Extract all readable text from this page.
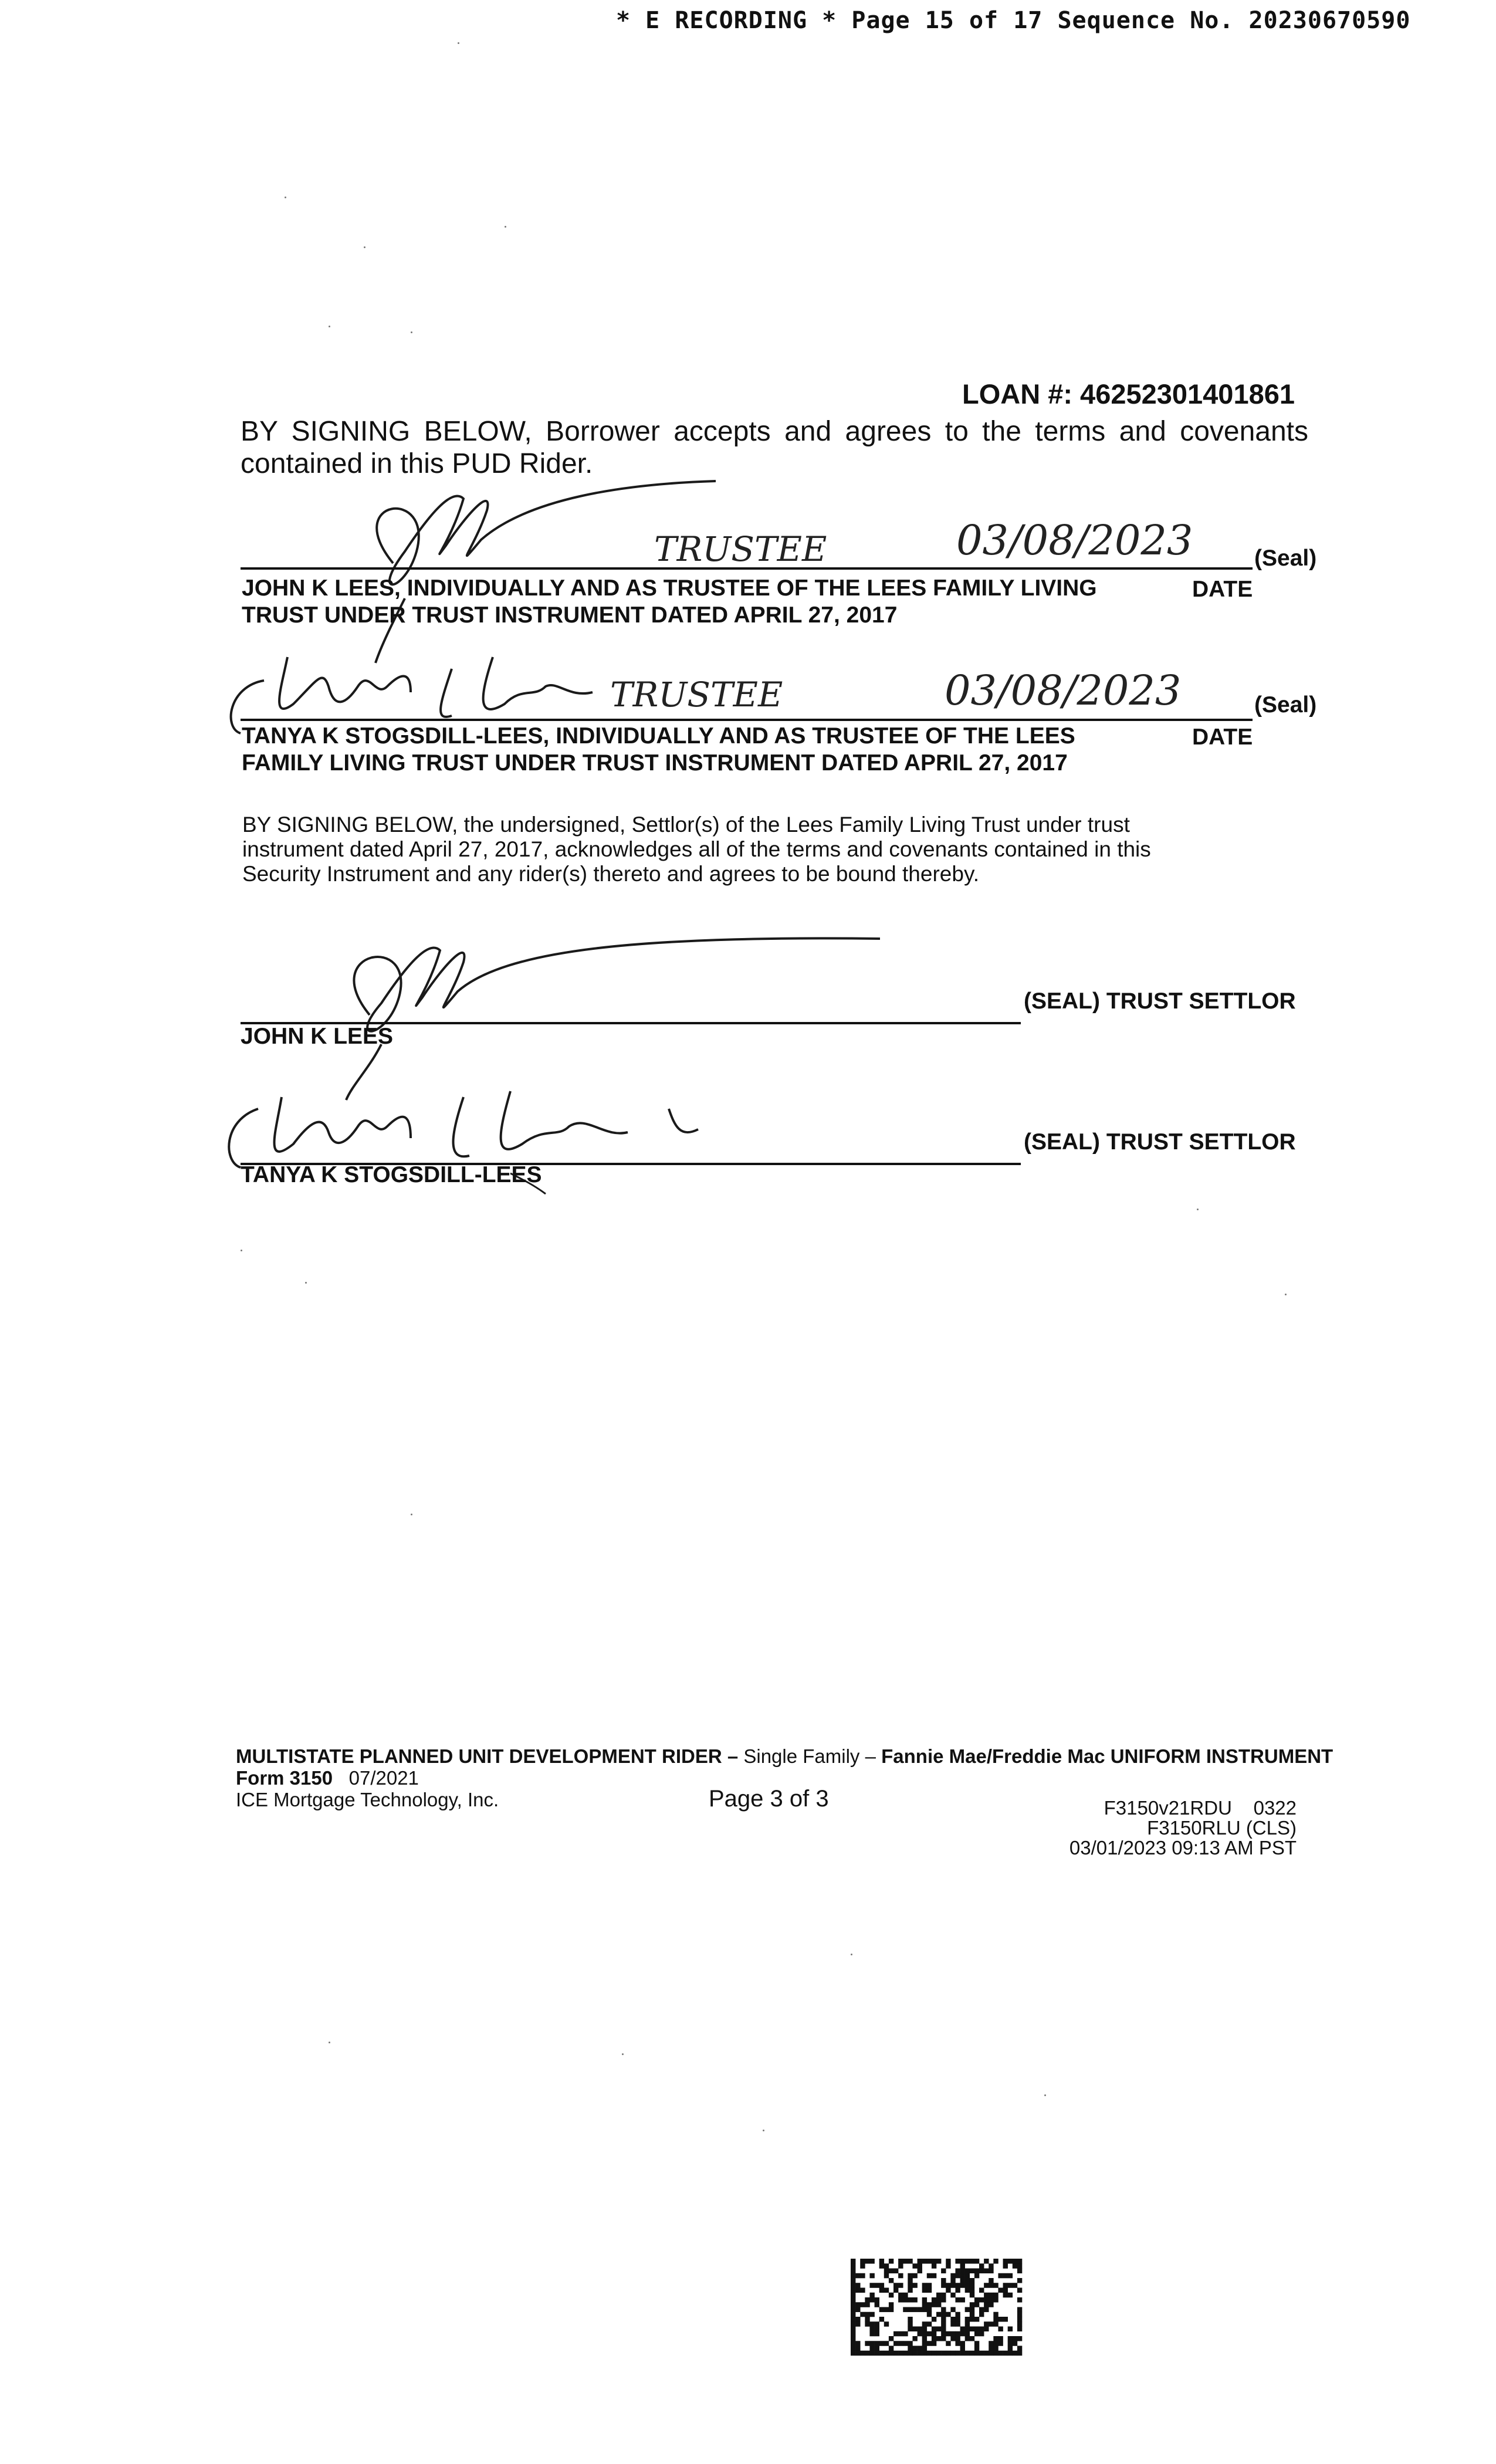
* E RECORDING * Page 15 of 17 Sequence No. 20230670590
LOAN #: 46252301401861
BY SIGNING BELOW, Borrower accepts and agrees to the terms and covenants
contained in this PUD Rider.
TRUSTEE	03/08/2023	(Seal)
JOHN K LEES, INDIVIDUALLY AND AS TRUSTEE OF THE LEES FAMILY LIVING
TRUST UNDER TRUST INSTRUMENT DATED APRIL 27, 2017
DATE
TRUSTEE	03/08/2023	(Seal)
TANYA K STOGSDILL-LEES, INDIVIDUALLY AND AS TRUSTEE OF THE LEES
FAMILY LIVING TRUST UNDER TRUST INSTRUMENT DATED APRIL 27, 2017
DATE
BY SIGNING BELOW, the undersigned, Settlor(s) of the Lees Family Living Trust under trust
instrument dated April 27, 2017, acknowledges all of the terms and covenants contained in this
Security Instrument and any rider(s) thereto and agrees to be bound thereby.
(SEAL) TRUST SETTLOR
JOHN K LEES
(SEAL) TRUST SETTLOR
TANYA K STOGSDILL-LEES
MULTISTATE PLANNED UNIT DEVELOPMENT RIDER – Single Family – Fannie Mae/Freddie Mac UNIFORM INSTRUMENT
Form 3150 07/2021
ICE Mortgage Technology, Inc.	Page 3 of 3	F3150v21RDU    0322
F3150RLU (CLS)
03/01/2023 09:13 AM PST
